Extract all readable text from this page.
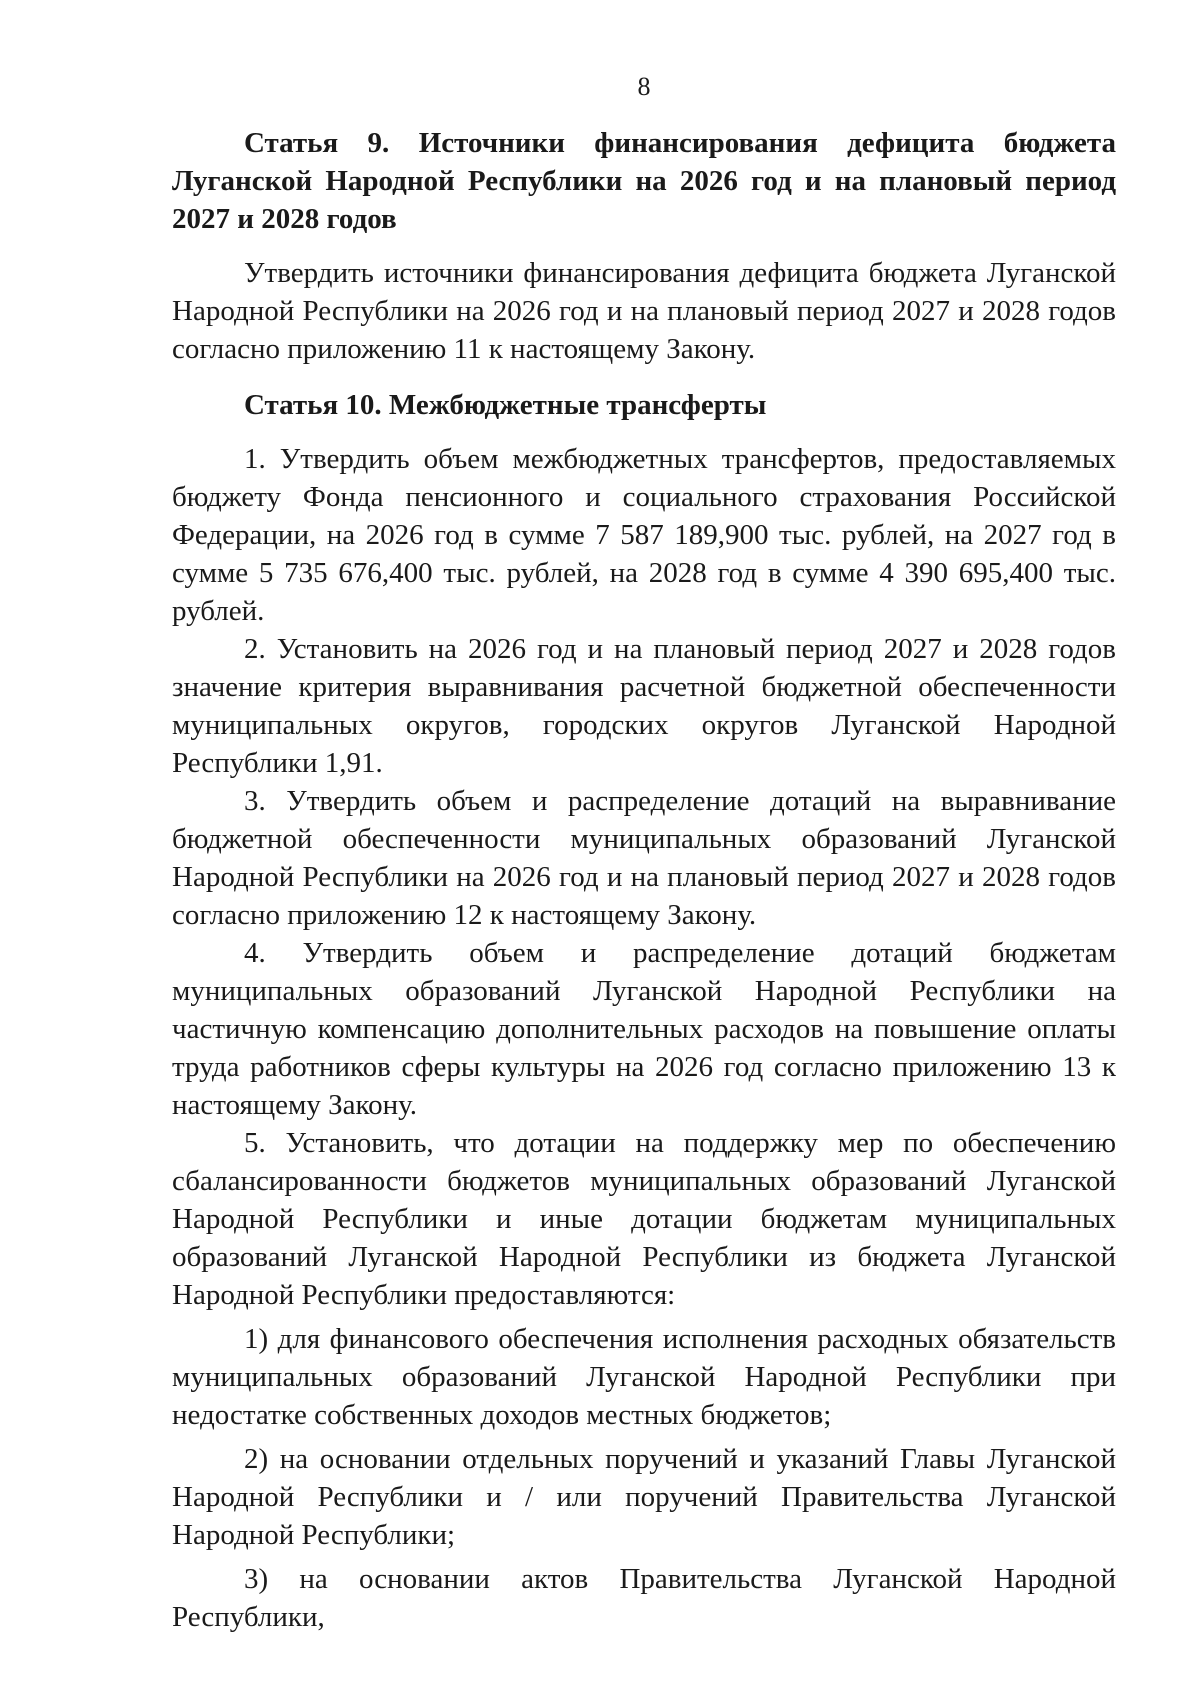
8
Статья 9. Источники финансирования дефицита бюджета Луганской Народной Республики на 2026 год и на плановый период 2027 и 2028 годов

Утвердить источники финансирования дефицита бюджета Луганской Народной Республики на 2026 год и на плановый период 2027 и 2028 годов согласно приложению 11 к настоящему Закону.

Статья 10. Межбюджетные трансферты

1. Утвердить объем межбюджетных трансфертов, предоставляемых бюджету Фонда пенсионного и социального страхования Российской Федерации, на 2026 год в сумме 7 587 189,900 тыс. рублей, на 2027 год в сумме 5 735 676,400 тыс. рублей, на 2028 год в сумме 4 390 695,400 тыс. рублей.

2. Установить на 2026 год и на плановый период 2027 и 2028 годов значение критерия выравнивания расчетной бюджетной обеспеченности муниципальных округов, городских округов Луганской Народной Республики 1,91.

3. Утвердить объем и распределение дотаций на выравнивание бюджетной обеспеченности муниципальных образований Луганской Народной Республики на 2026 год и на плановый период 2027 и 2028 годов согласно приложению 12 к настоящему Закону.

4. Утвердить объем и распределение дотаций бюджетам муниципальных образований Луганской Народной Республики на частичную компенсацию дополнительных расходов на повышение оплаты труда работников сферы культуры на 2026 год согласно приложению 13 к настоящему Закону.

5. Установить, что дотации на поддержку мер по обеспечению сбалансированности бюджетов муниципальных образований Луганской Народной Республики и иные дотации бюджетам муниципальных образований Луганской Народной Республики из бюджета Луганской Народной Республики предоставляются:

1) для финансового обеспечения исполнения расходных обязательств муниципальных образований Луганской Народной Республики при недостатке собственных доходов местных бюджетов;

2) на основании отдельных поручений и указаний Главы Луганской Народной Республики и / или поручений Правительства Луганской Народной Республики;

3) на основании актов Правительства Луганской Народной Республики,
